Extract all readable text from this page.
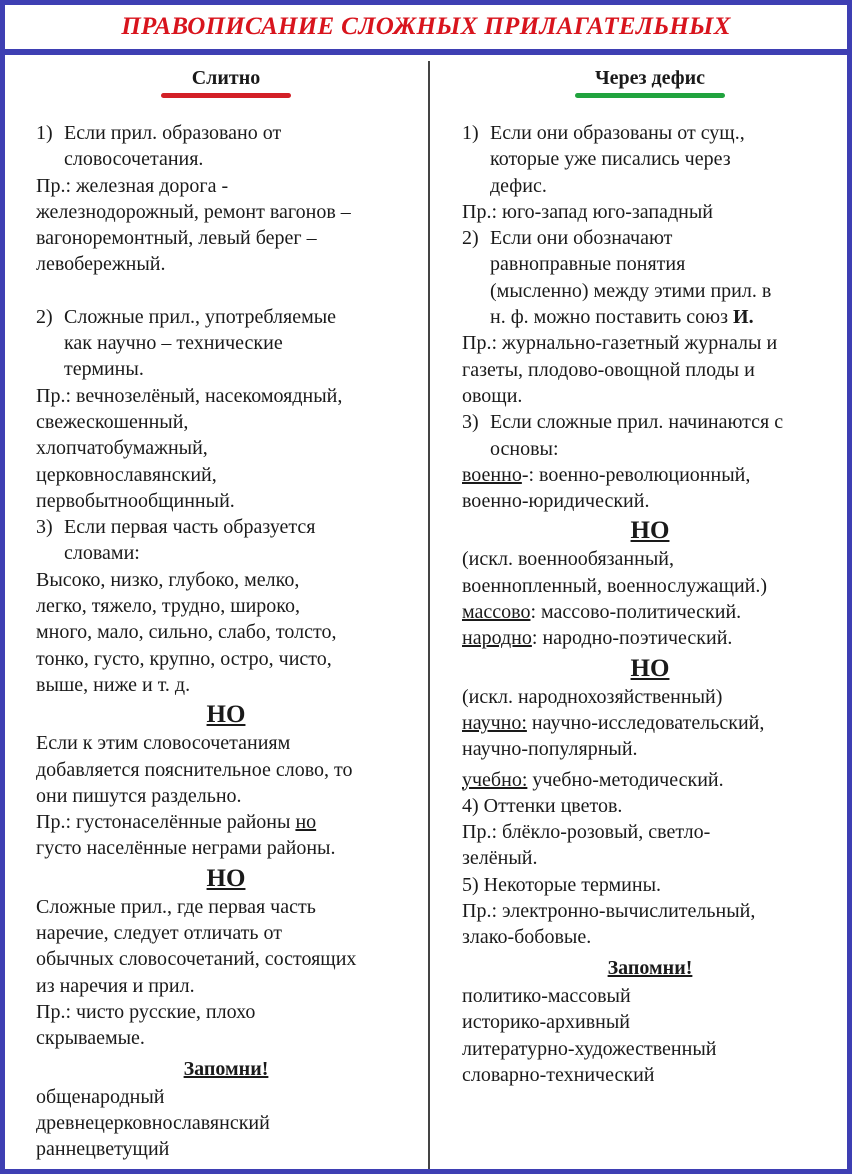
ПРАВОПИСАНИЕ СЛОЖНЫХ ПРИЛАГАТЕЛЬНЫХ
Слитно
1) Если прил. образовано от
словосочетания.
Пр.: железная дорога -
железнодорожный, ремонт вагонов –
вагоноремонтный, левый берег –
левобережный.
2) Сложные прил., употребляемые
как научно – технические
термины.
Пр.: вечнозелёный, насекомоядный,
свежескошенный,
хлопчатобумажный,
церковнославянский,
первобытнообщинный.
3) Если первая часть образуется
словами:
Высоко, низко, глубоко, мелко,
легко, тяжело, трудно, широко,
много, мало, сильно, слабо, толсто,
тонко, густо, крупно, остро, чисто,
выше, ниже и т. д.
НО
Если к этим словосочетаниям
добавляется пояснительное слово, то
они пишутся раздельно.
Пр.: густонаселённые районы но
густо населённые неграми районы.
НО
Сложные прил., где первая часть
наречие, следует отличать от
обычных словосочетаний, состоящих
из наречия и прил.
Пр.: чисто русские, плохо
скрываемые.
Запомни!
общенародный
древнецерковнославянский
раннецветущий
Через дефис
1) Если они образованы от сущ.,
которые уже писались через
дефис.
Пр.: юго-запад юго-западный
2) Если они обозначают
равноправные понятия
(мысленно) между этими прил. в
н. ф. можно поставить союз И.
Пр.: журнально-газетный журналы и
газеты, плодово-овощной плоды и
овощи.
3) Если сложные прил. начинаются с
основы:
военно-: военно-революционный,
военно-юридический.
НО
(искл. военнообязанный,
военнопленный, военнослужащий.)
массово: массово-политический.
народно: народно-поэтический.
НО
(искл. народнохозяйственный)
научно: научно-исследовательский,
научно-популярный.
учебно: учебно-методический.
4) Оттенки цветов.
Пр.: блёкло-розовый, светло-
зелёный.
5) Некоторые термины.
Пр.: электронно-вычислительный,
злако-бобовые.
Запомни!
политико-массовый
историко-архивный
литературно-художественный
словарно-технический
